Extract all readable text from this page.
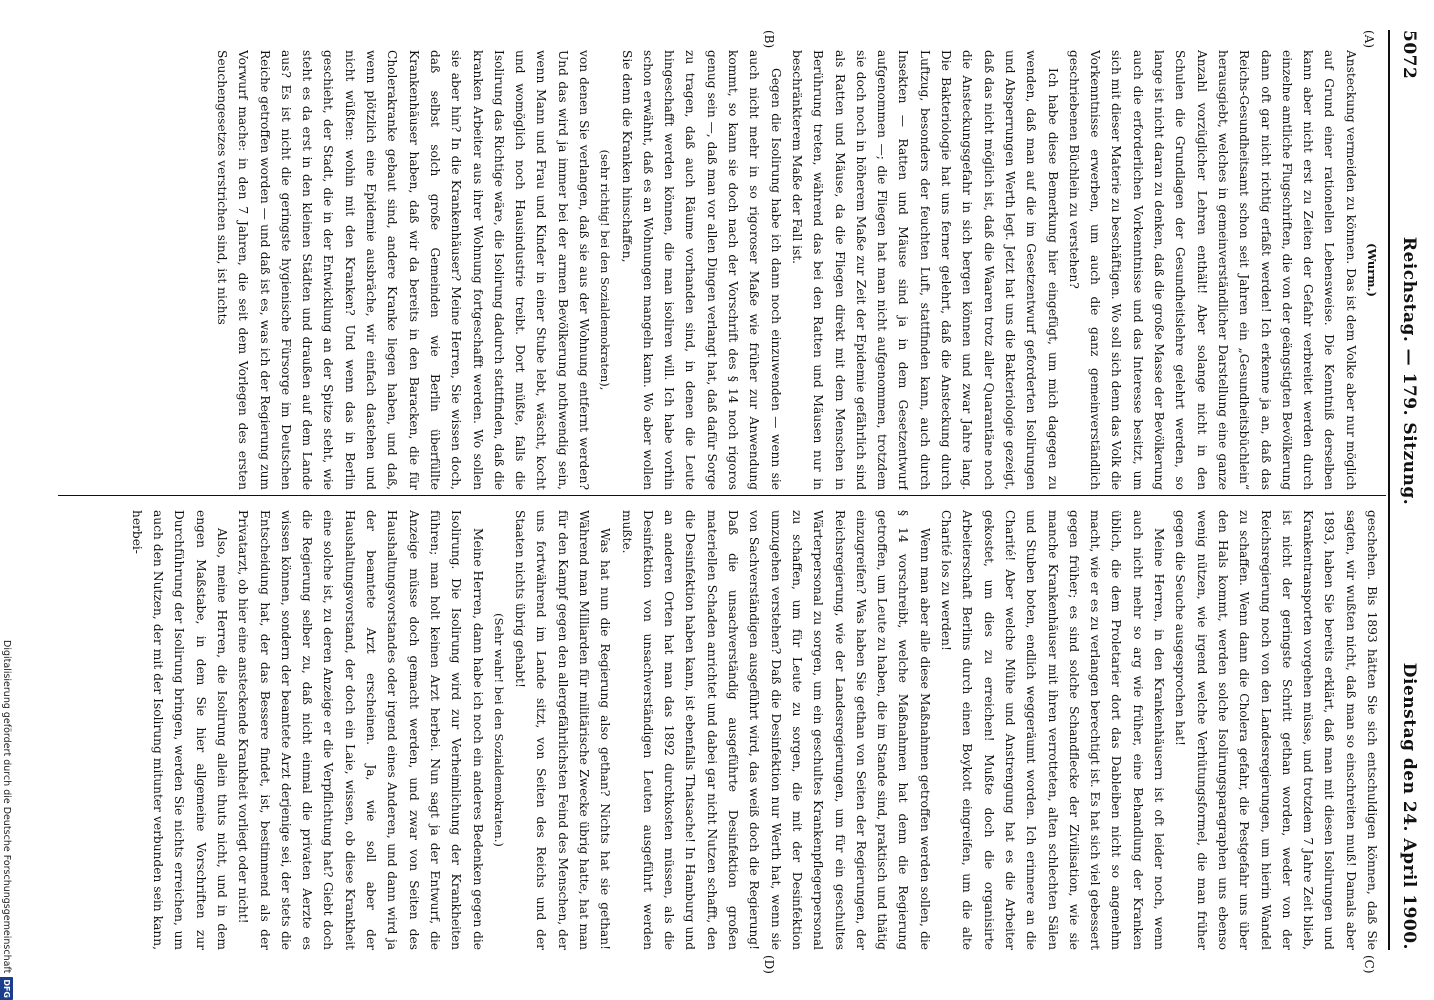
5072
Reichstag. — 179. Sitzung.
Dienstag den 24. April 1900.
(A)
(B)
(C)
(D)

(Wurm.)

Ansteckung vermeiden zu können. Das ist dem Volke aber nur möglich auf Grund einer rationellen Lebensweise. Die Kenntniß derselben kann aber nicht erst zu Zeiten der Gefahr verbreitet werden durch einzelne amtliche Flugschriften, die von der geängstigten Bevölkerung dann oft gar nicht richtig erfaßt werden! Ich erkenne ja an, daß das Reichs-Gesundheitsamt schon seit Jahren ein „Gesundheitsbüchlein“ herausgiebt, welches in gemeinverständlicher Darstellung eine ganze Anzahl vorzüglicher Lehren enthält! Aber solange nicht in den Schulen die Grundlagen der Gesundheitslehre gelehrt werden, so lange ist nicht daran zu denken, daß die große Masse der Bevölkerung auch die erforderlichen Vorkenntnisse und das Interesse besitzt, um sich mit dieser Materie zu beschäftigen. Wo soll sich denn das Volk die Vorkenntnisse erwerben, um auch die ganz gemeinverständlich geschriebenen Büchlein zu verstehen?

Ich habe diese Bemerkung hier eingefügt, um mich dagegen zu wenden, daß man auf die im Gesetzentwurf geforderten Isolirungen und Absperrungen Werth legt. Jetzt hat uns die Bakteriologie gezeigt, daß das nicht möglich ist, daß die Waaren trotz aller Quarantäne noch die Ansteckungsgefahr in sich bergen können und zwar Jahre lang. Die Bakteriologie hat uns ferner gelehrt, daß die Ansteckung durch Luftzug, besonders der feuchten Luft, stattfinden kann, auch durch Insekten — Ratten und Mäuse sind ja in dem Gesetzentwurf aufgenommen —; die Fliegen hat man nicht aufgenommen, trotzdem sie doch noch in höherem Maße zur Zeit der Epidemie gefährlich sind als Ratten und Mäuse, da die Fliegen direkt mit dem Menschen in Berührung treten, während das bei den Ratten und Mäusen nur in beschränkterem Maße der Fall ist.

Gegen die Isolirung habe ich dann noch einzuwenden — wenn sie auch nicht mehr in so rigoroser Maße wie früher zur Anwendung kommt, so kann sie doch nach der Vorschrift des § 14 noch rigoros genug sein —, daß man vor allen Dingen verlangt hat, daß dafür Sorge zu tragen, daß auch Räume vorhanden sind, in denen die Leute hingeschafft werden können, die man isoliren will. Ich habe vorhin schon erwähnt, daß es an Wohnungen mangeln kann. Wo aber wollen Sie denn die Kranken hinschaffen,

(sehr richtig! bei den Sozialdemokraten),

von denen Sie verlangen, daß sie aus der Wohnung entfernt werden? Und das wird ja immer bei der armen Bevölkerung nothwendig sein, wenn Mann und Frau und Kinder in einer Stube lebt, wäscht, kocht und womöglich noch Hausindustrie treibt. Dort müßte, falls die Isolirung das Richtige wäre, die Isolirung dadurch stattfinden, daß die kranken Arbeiter aus ihrer Wohnung fortgeschafft werden. Wo sollen sie aber hin? In die Krankenhäuser? Meine Herren, Sie wissen doch, daß selbst solch große Gemeinden wie Berlin überfüllte Krankenhäuser haben, daß wir da bereits in den Baracken, die für Cholerakranke gebaut sind, andere Kranke liegen haben, und daß, wenn plötzlich eine Epidemie ausbräche, wir einfach dastehen und nicht wüßten: wohin mit den Kranken? Und wenn das in Berlin geschieht, der Stadt, die in der Entwicklung an der Spitze steht, wie steht es da erst in den kleinen Städten und draußen auf dem Lande aus? Es ist nicht die geringste hygienische Fürsorge im Deutschen Reiche getroffen worden — und daß ist es, was ich der Regierung zum Vorwurf mache: in den 7 Jahren, die seit dem Vorlegen des ersten Seuchengesetzes verstrichen sind, ist nichts

geschehen. Bis 1893 hätten Sie sich entschuldigen können, daß Sie sagten, wir wußten nicht, daß man so einschreiten muß! Damals aber 1893, haben Sie bereits erklärt, daß man mit diesen Isolirungen und Krankentransporten vorgehen müsse, und trotzdem 7 Jahre Zeit blieb, ist nicht der geringste Schritt gethan worden, weder von der Reichsregierung noch von den Landesregierungen, um hierin Wandel zu schaffen. Wenn dann die Cholera gefahr, die Pestgefahr uns über den Hals kommt, werden solche Isolirungsparagraphen uns ebenso wenig nützen, wie irgend welche Verhütungsformel, die man früher gegen die Seuche ausgesprochen hat!

Meine Herren, in den Krankenhäusern ist oft leider noch, wenn auch nicht mehr so arg wie früher, eine Behandlung der Kranken üblich, die dem Proletarier dort das Dableiben nicht so angenehm macht, wie er es zu verlangen berechtigt ist. Es hat sich viel gebessert gegen früher; es sind solche Schandflecke der Zivilisation, wie sie manche Krankenhäuser mit ihren verrotteten, alten schlechten Sälen und Stuben boten, endlich weggeräumt worden. Ich erinnere an die Charité! Aber welche Mühe und Anstrengung hat es die Arbeiter gekostet, um dies zu erreichen! Mußte doch die organisirte Arbeiterschaft Berlins durch einen Boykott eingreifen, um die alte Charité los zu werden!

Wenn man aber alle diese Maßnahmen getroffen werden sollen, die § 14 vorschreibt, welche Maßnahmen hat denn die Regierung getroffen, um Leute zu haben, die im Stande sind, praktisch und thätig einzugreifen? Was haben Sie gethan von Seiten der Regierungen, der Reichsregierung, wie der Landesregierungen, um für ein geschultes Wärterpersonal zu sorgen, um ein geschultes Krankenpflegerpersonal zu schaffen, um für Leute zu sorgen, die mit der Desinfektion umzugehen verstehen? Daß die Desinfektion nur Werth hat, wenn sie von Sachverständigen ausgeführt wird, das weiß doch die Regierung! Daß die unsachverständig ausgeführte Desinfektion großen materiellen Schaden anrichtet und dabei gar nicht Nutzen schafft, den die Desinfektion haben kann, ist ebenfalls Thatsache! In Hamburg und an anderen Orten hat man das 1892 durchkosten müssen, als die Desinfektion von unsachverständigen Leuten ausgeführt werden mußte.

Was hat nun die Regierung also gethan? Nichts hat sie gethan! Während man Milliarden für militärische Zwecke übrig hatte, hat man für den Kampf gegen den allergefährlichsten Feind des Menschen, der uns fortwährend im Lande sitzt, von Seiten des Reichs und der Staaten nichts übrig gehabt!

(Sehr wahr! bei den Sozialdemokraten.)

Meine Herren, dann habe ich noch ein anderes Bedenken gegen die Isolirung. Die Isolirung wird zur Verheimlichung der Krankheiten führen; man holt keinen Arzt herbei. Nun sagt ja der Entwurf, die Anzeige müsse doch gemacht werden, und zwar von Seiten des Haushaltungsvorstandes oder irgend eines Anderen, und dann wird ja der beamtete Arzt erscheinen. Ja, wie soll aber der Haushaltungsvorstand, der doch ein Laie, wissen, ob diese Krankheit eine solche ist, zu deren Anzeige er die Verpflichtung hat? Giebt doch die Regierung selber zu, daß nicht einmal die privaten Aerzte es wissen können, sondern der beamtete Arzt derjenige sei, der stets die Entscheidung hat, der das Bessere findet, ist, bestimmend als der Privatarzt, ob hier eine ansteckende Krankheit vorliegt oder nicht!

Also, meine Herren, die Isolirung allein thuts nicht, und in dem engen Maßstabe, in dem Sie hier allgemeine Vorschriften zur Durchführung der Isolirung bringen, werden Sie nichts erreichen, um auch den Nutzen, der mit der Isolirung mitunter verbunden sein kann, herbei-

Digitalisierung gefördert durch die Deutsche Forschungsgemeinschaft
DFG
